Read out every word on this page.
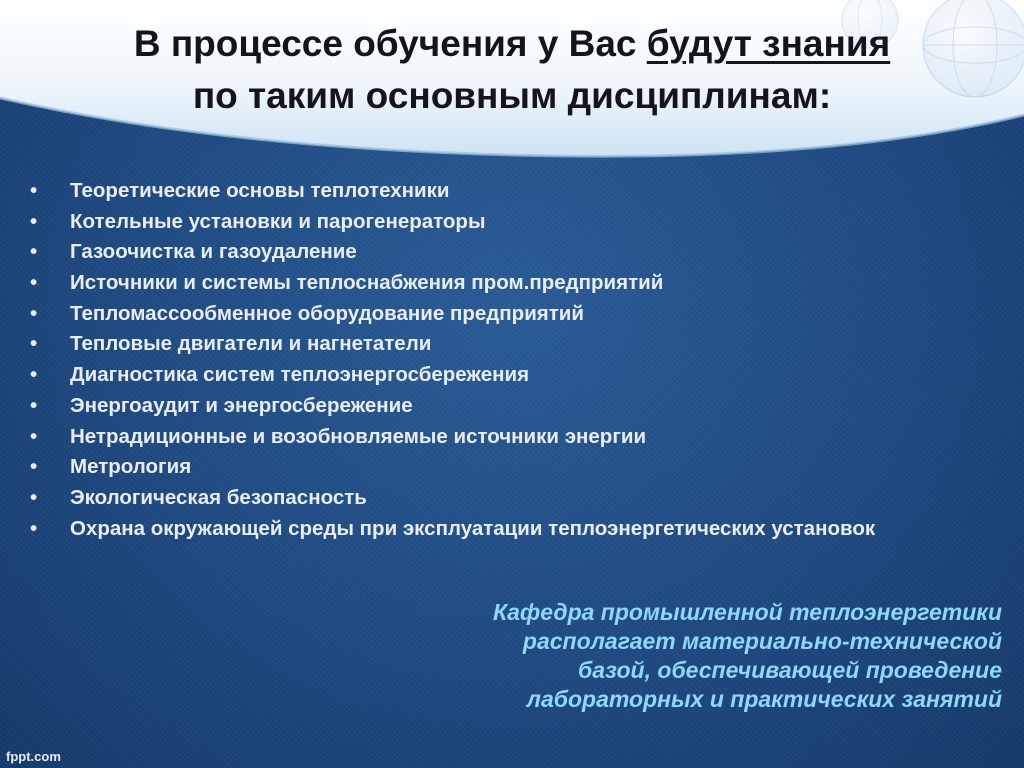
В процессе обучения у Вас будут знания
по таким основным дисциплинам:
• Теоретические основы теплотехники
• Котельные установки и парогенераторы
• Газоочистка и газоудаление
• Источники и системы теплоснабжения пром.предприятий
• Тепломассообменное оборудование предприятий
• Тепловые двигатели и нагнетатели
• Диагностика систем теплоэнергосбережения
• Энергоаудит и энергосбережение
• Нетрадиционные и возобновляемые источники энергии
• Метрология
• Экологическая безопасность
• Охрана окружающей среды при эксплуатации теплоэнергетических установок

Кафедра промышленной теплоэнергетики располагает материально-технической базой, обеспечивающей проведение лабораторных и практических занятий

fppt.com
